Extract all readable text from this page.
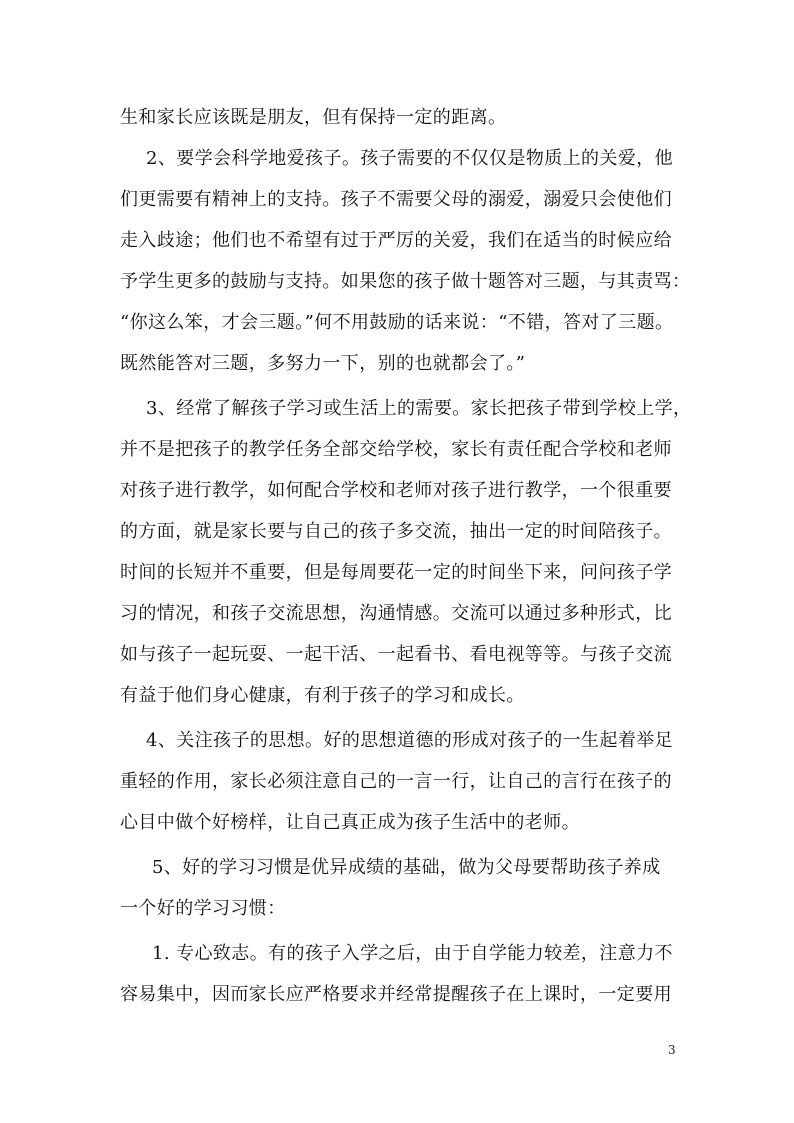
生和家长应该既是朋友，但有保持一定的距离。
2、要学会科学地爱孩子。孩子需要的不仅仅是物质上的关爱，他
们更需要有精神上的支持。孩子不需要父母的溺爱，溺爱只会使他们
走入歧途；他们也不希望有过于严厉的关爱，我们在适当的时候应给
予学生更多的鼓励与支持。如果您的孩子做十题答对三题，与其责骂：
“你这么笨，才会三题。”何不用鼓励的话来说：“不错，答对了三题。
既然能答对三题，多努力一下，别的也就都会了。”
3、经常了解孩子学习或生活上的需要。家长把孩子带到学校上学，
并不是把孩子的教学任务全部交给学校，家长有责任配合学校和老师
对孩子进行教学，如何配合学校和老师对孩子进行教学，一个很重要
的方面，就是家长要与自己的孩子多交流，抽出一定的时间陪孩子。
时间的长短并不重要，但是每周要花一定的时间坐下来，问问孩子学
习的情况，和孩子交流思想，沟通情感。交流可以通过多种形式，比
如与孩子一起玩耍、一起干活、一起看书、看电视等等。与孩子交流
有益于他们身心健康，有利于孩子的学习和成长。
4、关注孩子的思想。好的思想道德的形成对孩子的一生起着举足
重轻的作用，家长必须注意自己的一言一行，让自己的言行在孩子的
心目中做个好榜样，让自己真正成为孩子生活中的老师。
5、好的学习习惯是优异成绩的基础，做为父母要帮助孩子养成
一个好的学习习惯：
1. 专心致志。有的孩子入学之后，由于自学能力较差，注意力不
容易集中，因而家长应严格要求并经常提醒孩子在上课时，一定要用
3
